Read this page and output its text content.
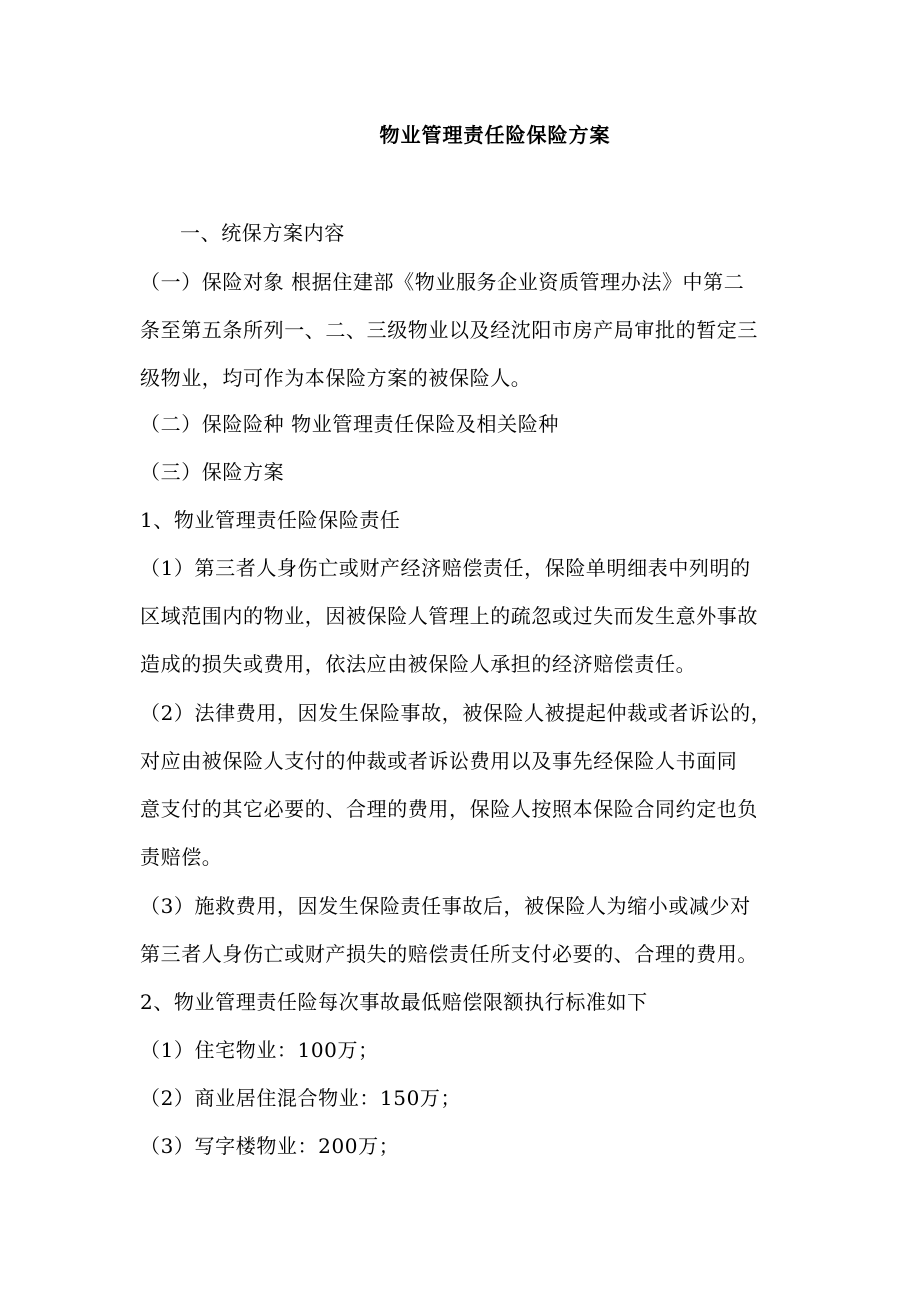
物业管理责任险保险方案
一、统保方案内容
（一）保险对象 根据住建部《物业服务企业资质管理办法》中第二
条至第五条所列一、二、三级物业以及经沈阳市房产局审批的暂定三
级物业，均可作为本保险方案的被保险人。
（二）保险险种 物业管理责任保险及相关险种
（三）保险方案
1、物业管理责任险保险责任
（1）第三者人身伤亡或财产经济赔偿责任，保险单明细表中列明的
区域范围内的物业，因被保险人管理上的疏忽或过失而发生意外事故
造成的损失或费用，依法应由被保险人承担的经济赔偿责任。
（2）法律费用，因发生保险事故，被保险人被提起仲裁或者诉讼的，
对应由被保险人支付的仲裁或者诉讼费用以及事先经保险人书面同
意支付的其它必要的、合理的费用，保险人按照本保险合同约定也负
责赔偿。
（3）施救费用，因发生保险责任事故后，被保险人为缩小或减少对
第三者人身伤亡或财产损失的赔偿责任所支付必要的、合理的费用。
2、物业管理责任险每次事故最低赔偿限额执行标准如下
（1）住宅物业：100万；
（2）商业居住混合物业：150万；
（3）写字楼物业：200万；
